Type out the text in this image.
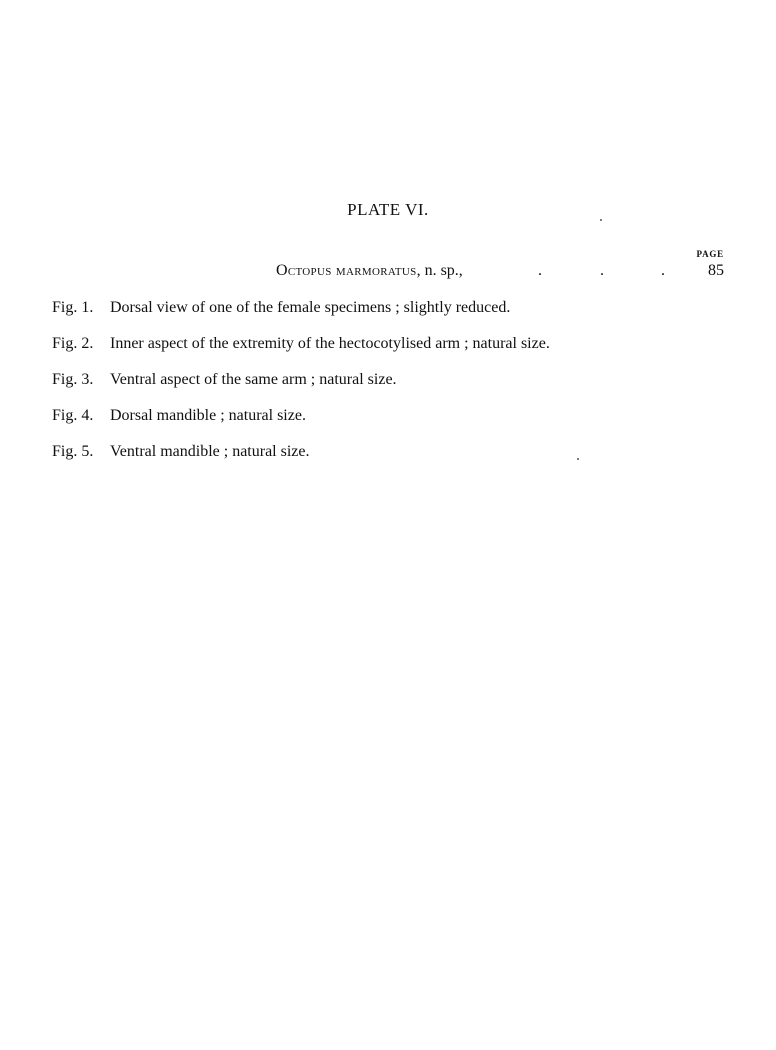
PLATE VI.
PAGE
Octopus marmoratus, n. sp.,	.	.	.	85
Fig. 1. Dorsal view of one of the female specimens ; slightly reduced.
Fig. 2. Inner aspect of the extremity of the hectocotylised arm ; natural size.
Fig. 3. Ventral aspect of the same arm ; natural size.
Fig. 4. Dorsal mandible ; natural size.
Fig. 5. Ventral mandible ; natural size.
